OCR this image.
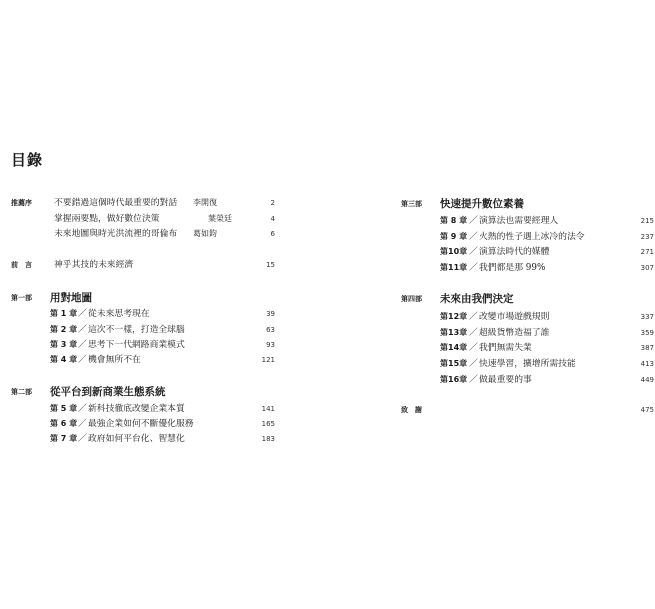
目錄
推薦序	不要錯過這個時代最重要的對話 李開復	2
掌握兩要點，做好數位決策	葉榮廷	4
未來地圖與時光洪流裡的哥倫布 葛如鈞	6
前　言	神乎其技的未來經濟	15
第一部 用對地圖
第 1 章 ／ 從未來思考現在	39
第 2 章 ／ 這次不一樣，打造全球腦	63
第 3 章 ／ 思考下一代網路商業模式	93
第 4 章 ／ 機會無所不在	121
第二部 從平台到新商業生態系統
第 5 章 ／ 新科技徹底改變企業本質	141
第 6 章 ／ 最強企業如何不斷優化服務	165
第 7 章 ／ 政府如何平台化、智慧化	183
第三部 快速提升數位素養
第 8 章 ／ 演算法也需要經理人	215
第 9 章 ／ 火熱的性子遇上冰冷的法令	237
第10章 ／ 演算法時代的媒體	271
第11章 ／ 我們都是那 99%	307
第四部 未來由我們決定
第12章 ／ 改變市場遊戲規則	337
第13章 ／ 超級貨幣造福了誰	359
第14章 ／ 我們無需失業	387
第15章 ／ 快速學習，擴增所需技能	413
第16章 ／ 做最重要的事	449
致　謝	475
